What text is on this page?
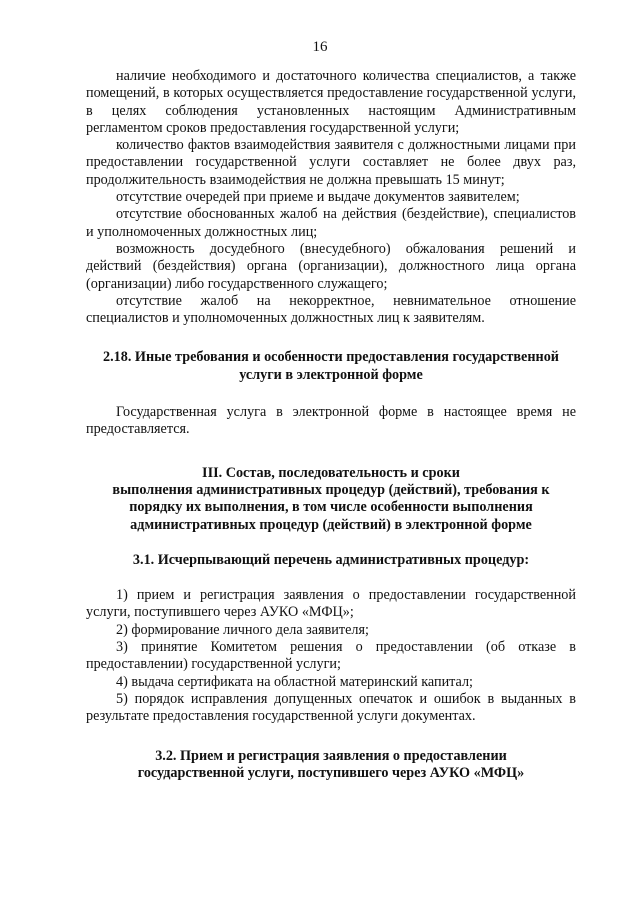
16

наличие необходимого и достаточного количества специалистов, а также помещений, в которых осуществляется предоставление государственной услуги, в целях соблюдения установленных настоящим Административным регламентом сроков предоставления государственной услуги;

количество фактов взаимодействия заявителя с должностными лицами при предоставлении государственной услуги составляет не более двух раз, продолжительность взаимодействия не должна превышать 15 минут;

отсутствие очередей при приеме и выдаче документов заявителем;

отсутствие обоснованных жалоб на действия (бездействие), специалистов и уполномоченных должностных лиц;

возможность досудебного (внесудебного) обжалования решений и действий (бездействия) органа (организации), должностного лица органа (организации) либо государственного служащего;

отсутствие жалоб на некорректное, невнимательное отношение специалистов и уполномоченных должностных лиц к заявителям.

2.18. Иные требования и особенности предоставления государственной
услуги в электронной форме

Государственная услуга в электронной форме в настоящее время не предоставляется.

III. Состав, последовательность и сроки
выполнения административных процедур (действий), требования к
порядку их выполнения, в том числе особенности выполнения
административных процедур (действий) в электронной форме
3.1. Исчерпывающий перечень административных процедур:

1) прием и регистрация заявления о предоставлении государственной услуги, поступившего через АУКО «МФЦ»;

2) формирование личного дела заявителя;

3) принятие Комитетом решения о предоставлении (об отказе в предоставлении) государственной услуги;

4) выдача сертификата на областной материнский капитал;

5) порядок исправления допущенных опечаток и ошибок в выданных в результате предоставления государственной услуги документах.

3.2. Прием и регистрация заявления о предоставлении
государственной услуги, поступившего через АУКО «МФЦ»
